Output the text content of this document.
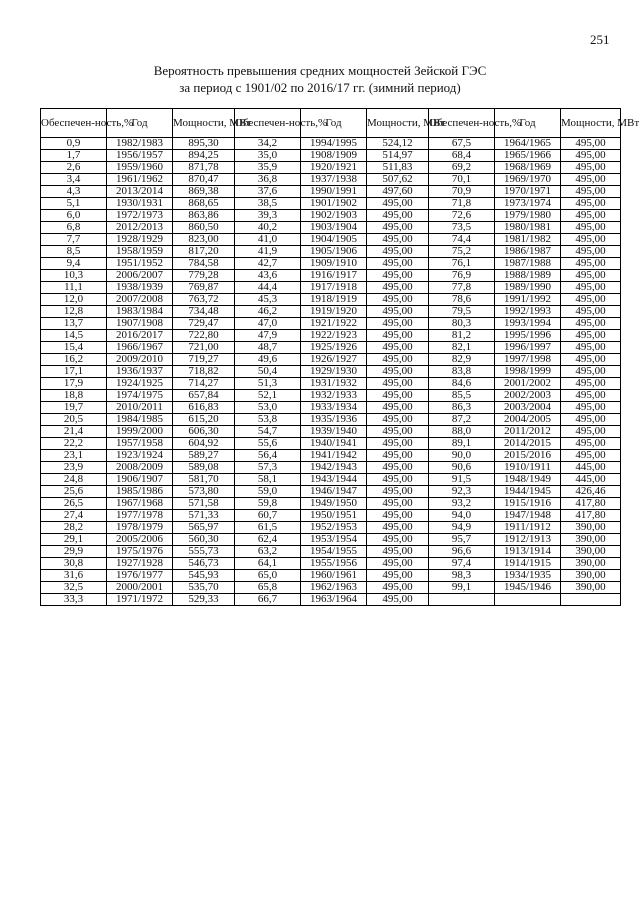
251
Вероятность превышения средних мощностей Зейской ГЭС
за период с 1901/02 по 2016/17 гг. (зимний период)
Обеспечен-ность,%	Год	Мощности, МВт	Обеспечен-ность,%	Год	Мощности, МВт	Обеспечен-ность,%	Год	Мощности, МВт
0,9	1982/1983	895,30	34,2	1994/1995	524,12	67,5	1964/1965	495,00
1,7	1956/1957	894,25	35,0	1908/1909	514,97	68,4	1965/1966	495,00
2,6	1959/1960	871,78	35,9	1920/1921	511,83	69,2	1968/1969	495,00
3,4	1961/1962	870,47	36,8	1937/1938	507,62	70,1	1969/1970	495,00
4,3	2013/2014	869,38	37,6	1990/1991	497,60	70,9	1970/1971	495,00
5,1	1930/1931	868,65	38,5	1901/1902	495,00	71,8	1973/1974	495,00
6,0	1972/1973	863,86	39,3	1902/1903	495,00	72,6	1979/1980	495,00
6,8	2012/2013	860,50	40,2	1903/1904	495,00	73,5	1980/1981	495,00
7,7	1928/1929	823,00	41,0	1904/1905	495,00	74,4	1981/1982	495,00
8,5	1958/1959	817,20	41,9	1905/1906	495,00	75,2	1986/1987	495,00
9,4	1951/1952	784,58	42,7	1909/1910	495,00	76,1	1987/1988	495,00
10,3	2006/2007	779,28	43,6	1916/1917	495,00	76,9	1988/1989	495,00
11,1	1938/1939	769,87	44,4	1917/1918	495,00	77,8	1989/1990	495,00
12,0	2007/2008	763,72	45,3	1918/1919	495,00	78,6	1991/1992	495,00
12,8	1983/1984	734,48	46,2	1919/1920	495,00	79,5	1992/1993	495,00
13,7	1907/1908	729,47	47,0	1921/1922	495,00	80,3	1993/1994	495,00
14,5	2016/2017	722,80	47,9	1922/1923	495,00	81,2	1995/1996	495,00
15,4	1966/1967	721,00	48,7	1925/1926	495,00	82,1	1996/1997	495,00
16,2	2009/2010	719,27	49,6	1926/1927	495,00	82,9	1997/1998	495,00
17,1	1936/1937	718,82	50,4	1929/1930	495,00	83,8	1998/1999	495,00
17,9	1924/1925	714,27	51,3	1931/1932	495,00	84,6	2001/2002	495,00
18,8	1974/1975	657,84	52,1	1932/1933	495,00	85,5	2002/2003	495,00
19,7	2010/2011	616,83	53,0	1933/1934	495,00	86,3	2003/2004	495,00
20,5	1984/1985	615,20	53,8	1935/1936	495,00	87,2	2004/2005	495,00
21,4	1999/2000	606,30	54,7	1939/1940	495,00	88,0	2011/2012	495,00
22,2	1957/1958	604,92	55,6	1940/1941	495,00	89,1	2014/2015	495,00
23,1	1923/1924	589,27	56,4	1941/1942	495,00	90,0	2015/2016	495,00
23,9	2008/2009	589,08	57,3	1942/1943	495,00	90,6	1910/1911	445,00
24,8	1906/1907	581,70	58,1	1943/1944	495,00	91,5	1948/1949	445,00
25,6	1985/1986	573,80	59,0	1946/1947	495,00	92,3	1944/1945	426,46
26,5	1967/1968	571,58	59,8	1949/1950	495,00	93,2	1915/1916	417,80
27,4	1977/1978	571,33	60,7	1950/1951	495,00	94,0	1947/1948	417,80
28,2	1978/1979	565,97	61,5	1952/1953	495,00	94,9	1911/1912	390,00
29,1	2005/2006	560,30	62,4	1953/1954	495,00	95,7	1912/1913	390,00
29,9	1975/1976	555,73	63,2	1954/1955	495,00	96,6	1913/1914	390,00
30,8	1927/1928	546,73	64,1	1955/1956	495,00	97,4	1914/1915	390,00
31,6	1976/1977	545,93	65,0	1960/1961	495,00	98,3	1934/1935	390,00
32,5	2000/2001	535,70	65,8	1962/1963	495,00	99,1	1945/1946	390,00
33,3	1971/1972	529,33	66,7	1963/1964	495,00			
